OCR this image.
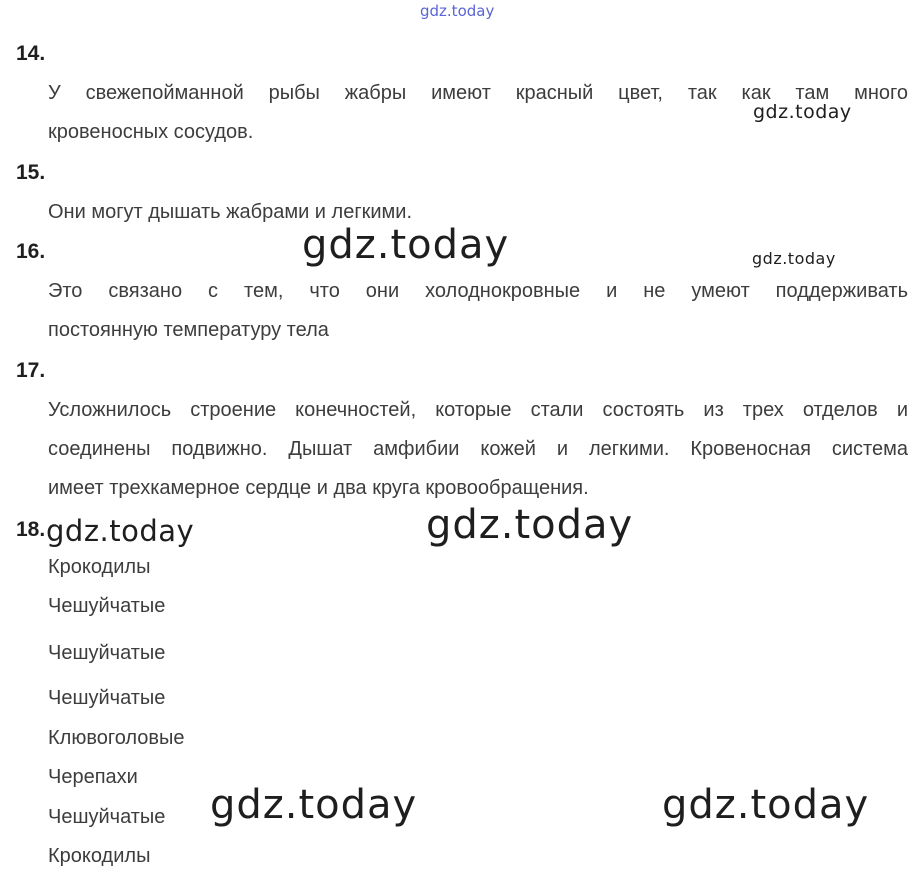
gdz.today
gdz.today
gdz.today	gdz.today
gdz.today	gdz.today
gdz.today	gdz.today
14.
У свежепойманной рыбы жабры имеют красный цвет, так как там много
кровеносных сосудов.
15.
Они могут дышать жабрами и легкими.
16.
Это связано с тем, что они холоднокровные и не умеют поддерживать
постоянную температуру тела
17.
Усложнилось строение конечностей, которые стали состоять из трех отделов и
соединены подвижно. Дышат амфибии кожей и легкими. Кровеносная система
имеет трехкамерное сердце и два круга кровообращения.
18.
Крокодилы
Чешуйчатые
Чешуйчатые
Чешуйчатые
Клювоголовые
Черепахи
Чешуйчатые
Крокодилы
